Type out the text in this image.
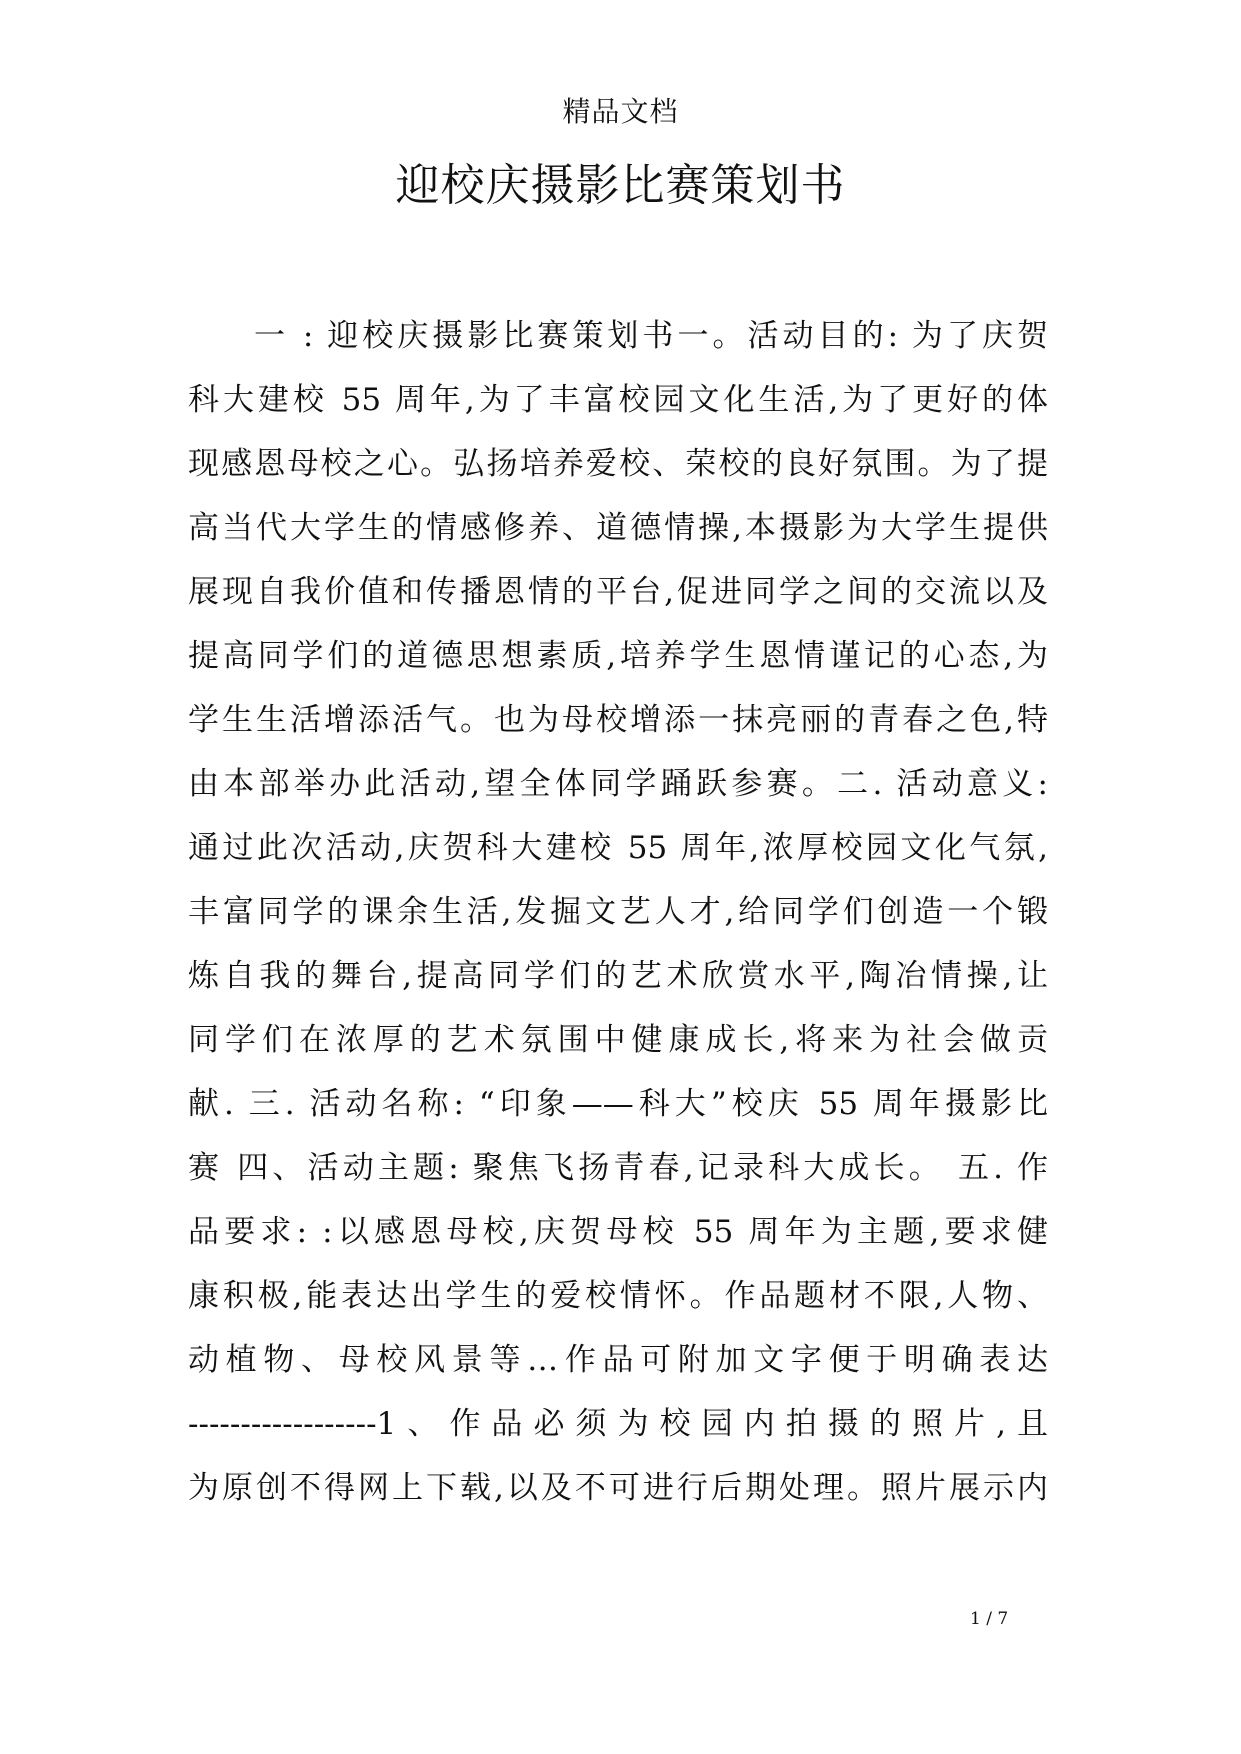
精品文档
迎校庆摄影比赛策划书
一 : 迎校庆摄影比赛策划书一。活动目的: 为了庆贺
科大建校 55 周年,为了丰富校园文化生活,为了更好的体
现感恩母校之心。弘扬培养爱校、荣校的良好氛围。为了提
高当代大学生的情感修养、道德情操,本摄影为大学生提供
展现自我价值和传播恩情的平台,促进同学之间的交流以及
提高同学们的道德思想素质,培养学生恩情谨记的心态,为
学生生活增添活气。也为母校增添一抹亮丽的青春之色,特
由本部举办此活动,望全体同学踊跃参赛。二. 活动意义:
通过此次活动,庆贺科大建校 55 周年,浓厚校园文化气氛,
丰富同学的课余生活,发掘文艺人才,给同学们创造一个锻
炼自我的舞台,提高同学们的艺术欣赏水平,陶冶情操,让
同学们在浓厚的艺术氛围中健康成长,将来为社会做贡
献. 三. 活动名称: “印象——科大”校庆 55 周年摄影比
赛 四、活动主题: 聚焦飞扬青春,记录科大成长。 五. 作
品要求: :以感恩母校,庆贺母校 55 周年为主题,要求健
康积极,能表达出学生的爱校情怀。作品题材不限,人物、
动植物、母校风景等…作品可附加文字便于明确表达
------------------1、作品必须为校园内拍摄的照片,且
为原创不得网上下载,以及不可进行后期处理。照片展示内
1 / 7
